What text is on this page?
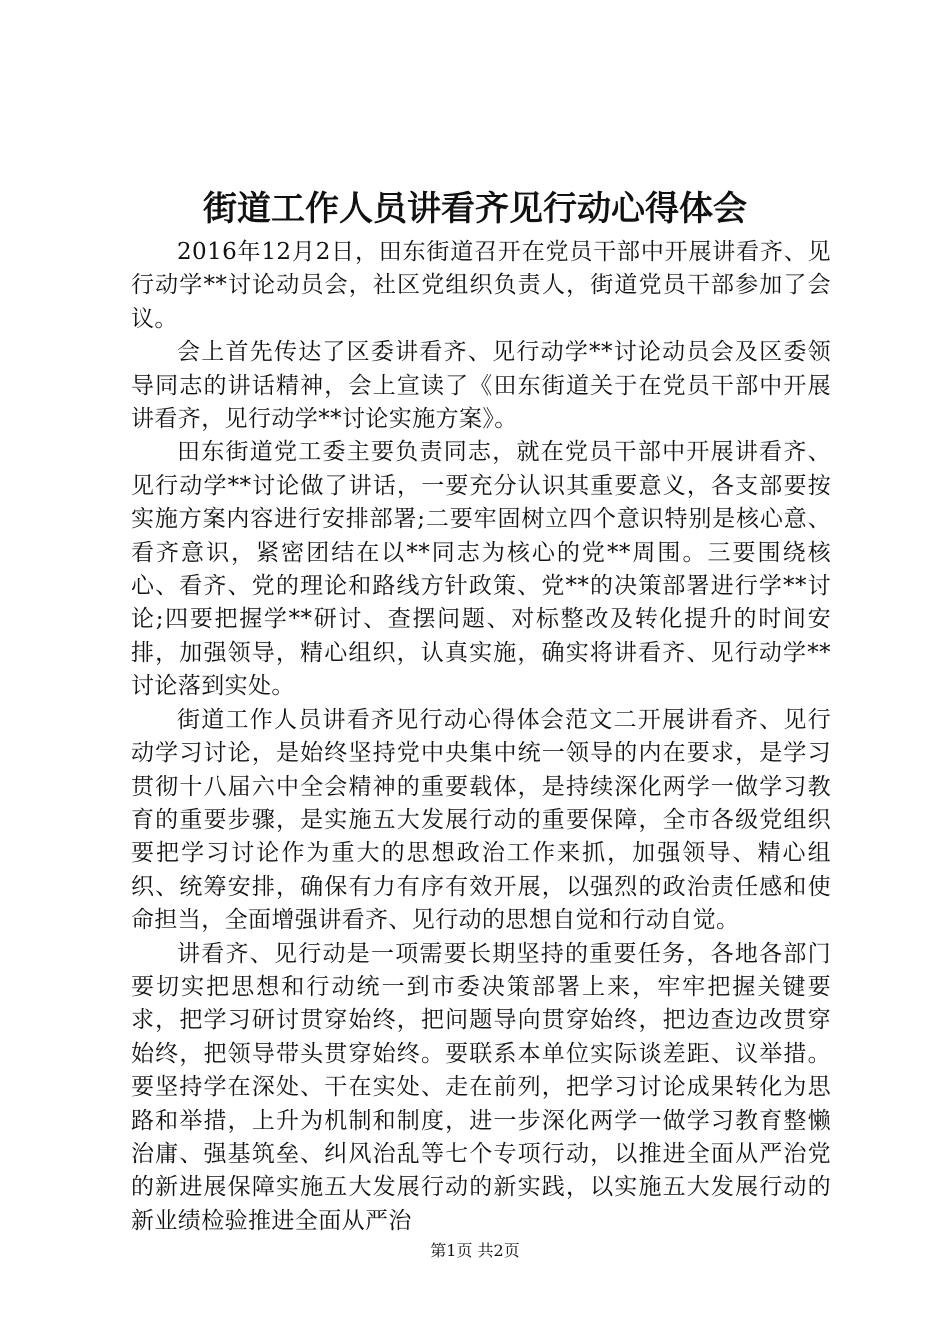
街道工作人员讲看齐见行动心得体会

2016年12月2日，田东街道召开在党员干部中开展讲看齐、见行动学**讨论动员会，社区党组织负责人，街道党员干部参加了会议。

会上首先传达了区委讲看齐、见行动学**讨论动员会及区委领导同志的讲话精神，会上宣读了《田东街道关于在党员干部中开展讲看齐，见行动学**讨论实施方案》。

田东街道党工委主要负责同志，就在党员干部中开展讲看齐、见行动学**讨论做了讲话，一要充分认识其重要意义，各支部要按实施方案内容进行安排部署;二要牢固树立四个意识特别是核心意、看齐意识，紧密团结在以**同志为核心的党**周围。三要围绕核心、看齐、党的理论和路线方针政策、党**的决策部署进行学**讨论;四要把握学**研讨、查摆问题、对标整改及转化提升的时间安排，加强领导，精心组织，认真实施，确实将讲看齐、见行动学**讨论落到实处。

街道工作人员讲看齐见行动心得体会范文二开展讲看齐、见行动学习讨论，是始终坚持党中央集中统一领导的内在要求，是学习贯彻十八届六中全会精神的重要载体，是持续深化两学一做学习教育的重要步骤，是实施五大发展行动的重要保障，全市各级党组织要把学习讨论作为重大的思想政治工作来抓，加强领导、精心组织、统筹安排，确保有力有序有效开展，以强烈的政治责任感和使命担当，全面增强讲看齐、见行动的思想自觉和行动自觉。

讲看齐、见行动是一项需要长期坚持的重要任务，各地各部门要切实把思想和行动统一到市委决策部署上来，牢牢把握关键要求，把学习研讨贯穿始终，把问题导向贯穿始终，把边查边改贯穿始终，把领导带头贯穿始终。要联系本单位实际谈差距、议举措。要坚持学在深处、干在实处、走在前列，把学习讨论成果转化为思路和举措，上升为机制和制度，进一步深化两学一做学习教育整懒治庸、强基筑垒、纠风治乱等七个专项行动，以推进全面从严治党的新进展保障实施五大发展行动的新实践，以实施五大发展行动的新业绩检验推进全面从严治

第1页 共2页
